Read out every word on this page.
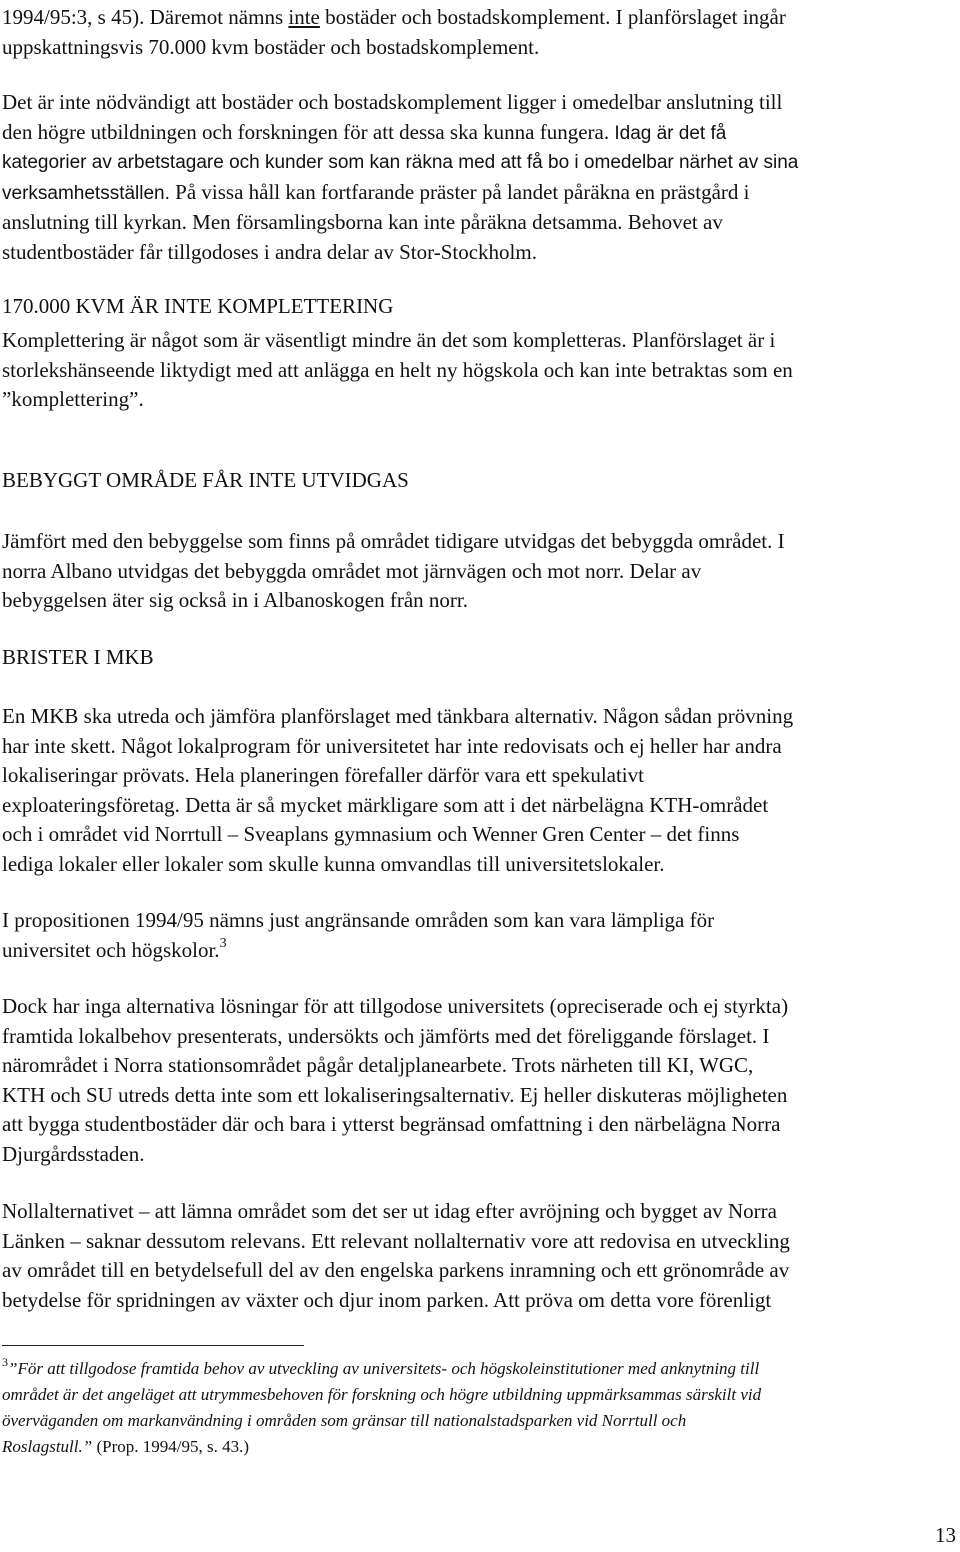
1994/95:3, s 45). Däremot nämns inte bostäder och bostadskomplement. I planförslaget ingår
uppskattningsvis 70.000 kvm bostäder och bostadskomplement.

Det är inte nödvändigt att bostäder och bostadskomplement ligger i omedelbar anslutning till
den högre utbildningen och forskningen för att dessa ska kunna fungera. Idag är det få
kategorier av arbetstagare och kunder som kan räkna med att få bo i omedelbar närhet av sina
verksamhetsställen. På vissa håll kan fortfarande präster på landet påräkna en prästgård i
anslutning till kyrkan. Men församlingsborna kan inte påräkna detsamma. Behovet av
studentbostäder får tillgodoses i andra delar av Stor-Stockholm.

170.000 KVM ÄR INTE KOMPLETTERING

Komplettering är något som är väsentligt mindre än det som kompletteras. Planförslaget är i
storlekshänseende liktydigt med att anlägga en helt ny högskola och kan inte betraktas som en
”komplettering”.

BEBYGGT OMRÅDE FÅR INTE UTVIDGAS

Jämfört med den bebyggelse som finns på området tidigare utvidgas det bebyggda området. I
norra Albano utvidgas det bebyggda området mot järnvägen och mot norr. Delar av
bebyggelsen äter sig också in i Albanoskogen från norr.

BRISTER I MKB

En MKB ska utreda och jämföra planförslaget med tänkbara alternativ. Någon sådan prövning
har inte skett. Något lokalprogram för universitetet har inte redovisats och ej heller har andra
lokaliseringar prövats. Hela planeringen förefaller därför vara ett spekulativt
exploateringsföretag. Detta är så mycket märkligare som att i det närbelägna KTH-området
och i området vid Norrtull – Sveaplans gymnasium och Wenner Gren Center – det finns
lediga lokaler eller lokaler som skulle kunna omvandlas till universitetslokaler.

I propositionen 1994/95 nämns just angränsande områden som kan vara lämpliga för
universitet och högskolor.$^3$

Dock har inga alternativa lösningar för att tillgodose universitets (opreciserade och ej styrkta)
framtida lokalbehov presenterats, undersökts och jämförts med det föreliggande förslaget. I
närområdet i Norra stationsområdet pågår detaljplanearbete. Trots närheten till KI, WGC,
KTH och SU utreds detta inte som ett lokaliseringsalternativ. Ej heller diskuteras möjligheten
att bygga studentbostäder där och bara i ytterst begränsad omfattning i den närbelägna Norra
Djurgårdsstaden.

Nollalternativet – att lämna området som det ser ut idag efter avröjning och bygget av Norra
Länken – saknar dessutom relevans. Ett relevant nollalternativ vore att redovisa en utveckling
av området till en betydelsefull del av den engelska parkens inramning och ett grönområde av
betydelse för spridningen av växter och djur inom parken. Att pröva om detta vore förenligt

$^3$”För att tillgodose framtida behov av utveckling av universitets- och högskoleinstitutioner med anknytning till
området är det angeläget att utrymmesbehoven för forskning och högre utbildning uppmärksammas särskilt vid
överväganden om markanvändning i områden som gränsar till nationalstadsparken vid Norrtull och
Roslagstull.” (Prop. 1994/95, s. 43.)

13
